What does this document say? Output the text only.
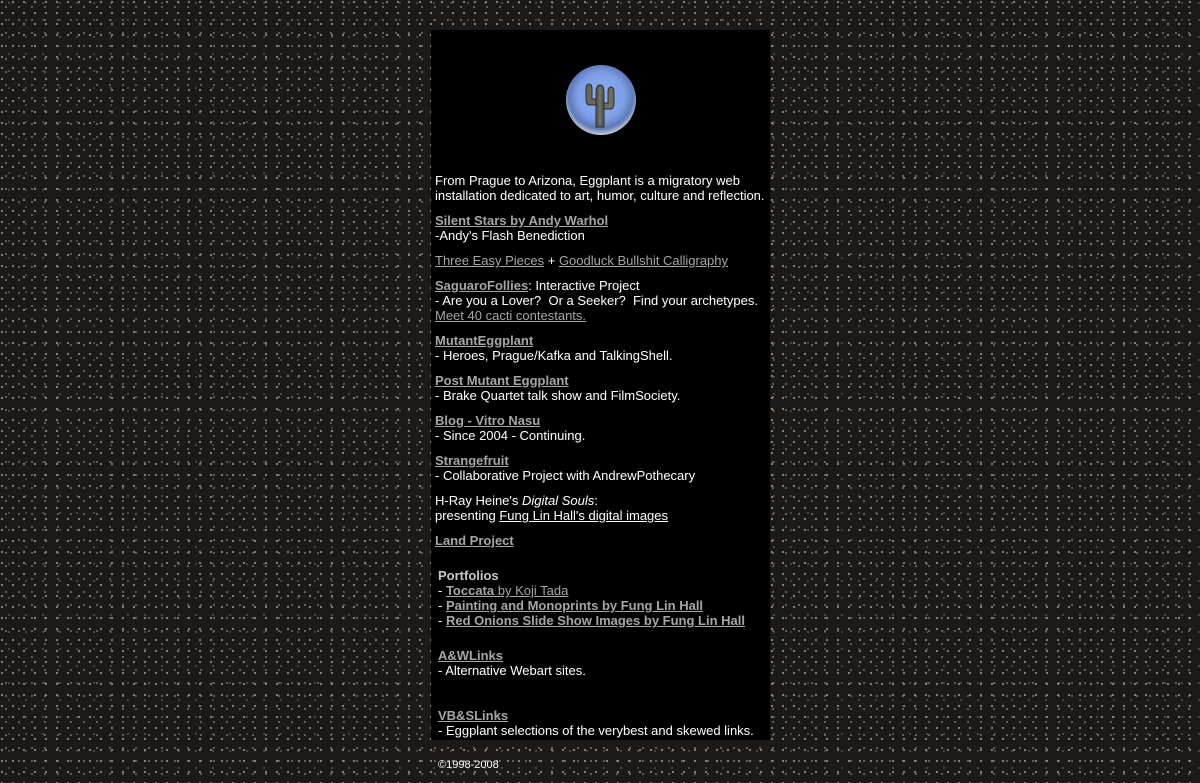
From Prague to Arizona, Eggplant is a migratory web installation dedicated to art, humor, culture and reflection.
Silent Stars by Andy Warhol
-Andy's Flash Benediction
Three Easy Pieces + Goodluck Bullshit Calligraphy
SaguaroFollies: Interactive Project
- Are you a Lover?  Or a Seeker?  Find your archetypes.
Meet 40 cacti contestants.
MutantEggplant
- Heroes, Prague/Kafka and TalkingShell.
Post Mutant Eggplant
- Brake Quartet talk show and FilmSociety.
Blog - Vitro Nasu
- Since 2004 - Continuing.
Strangefruit
- Collaborative Project with AndrewPothecary
H-Ray Heine's Digital Souls:
presenting Fung Lin Hall's digital images
Land Project
Portfolios
- Toccata by Koji Tada
- Painting and Monoprints by Fung Lin Hall
- Red Onions Slide Show Images by Fung Lin Hall
A&WLinks
- Alternative Webart sites.
VB&SLinks
- Eggplant selections of the verybest and skewed links.
©1998-2008
